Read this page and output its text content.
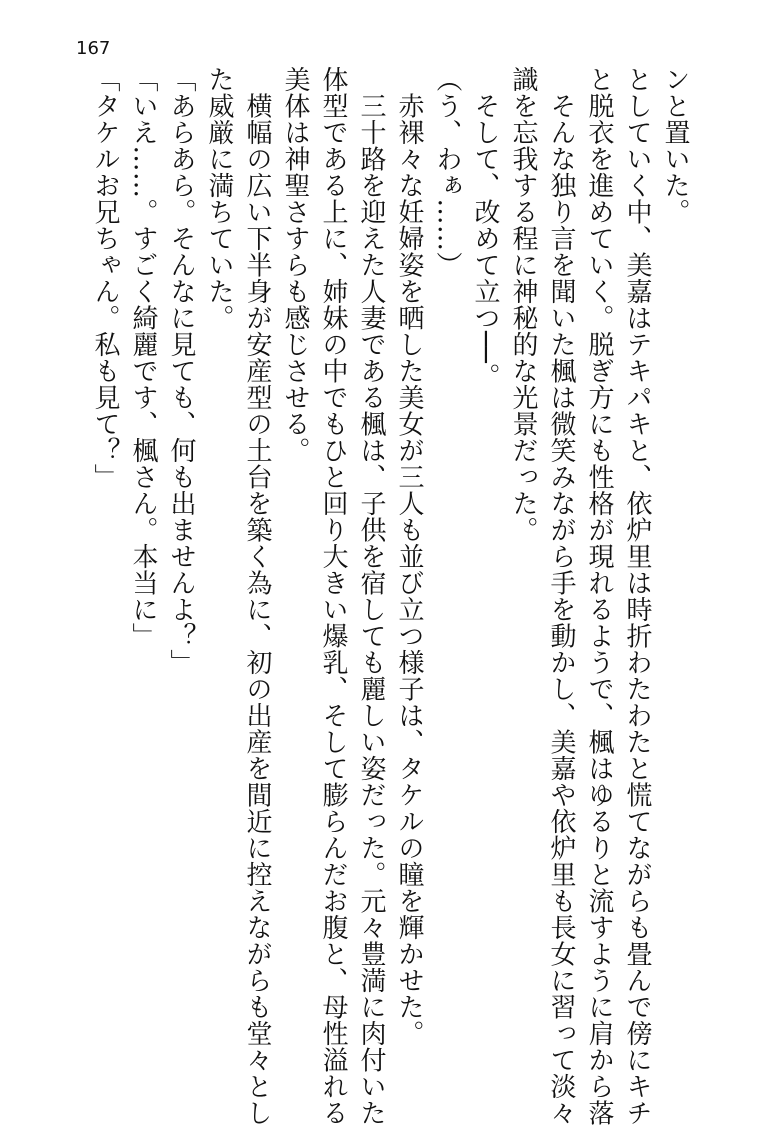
167
ンと置いた。
としていく中、美嘉はテキパキと、依炉里は時折わたわたと慌てながらも畳んで傍にキチ
と脱衣を進めていく。脱ぎ方にも性格が現れるようで、楓はゆるりと流すように肩から落
　そんな独り言を聞いた楓は微笑みながら手を動かし、美嘉や依炉里も長女に習って淡々
識を忘我する程に神秘的な光景だった。
　そして、改めて立つ──。
（う、わぁ……）
　赤裸々な妊婦姿を晒した美女が三人も並び立つ様子は、タケルの瞳を輝かせた。
　三十路を迎えた人妻である楓は、子供を宿しても麗しい姿だった。元々豊満に肉付いた
体型である上に、姉妹の中でもひと回り大きい爆乳、そして膨らんだお腹と、母性溢れる
美体は神聖さすらも感じさせる。
　横幅の広い下半身が安産型の土台を築く為に、初の出産を間近に控えながらも堂々とし
た威厳に満ちていた。
「あらあら。そんなに見ても、何も出ませんよ？」
「いえ……。すごく綺麗です、楓さん。本当に」
「タケルお兄ちゃん。私も見て？」
